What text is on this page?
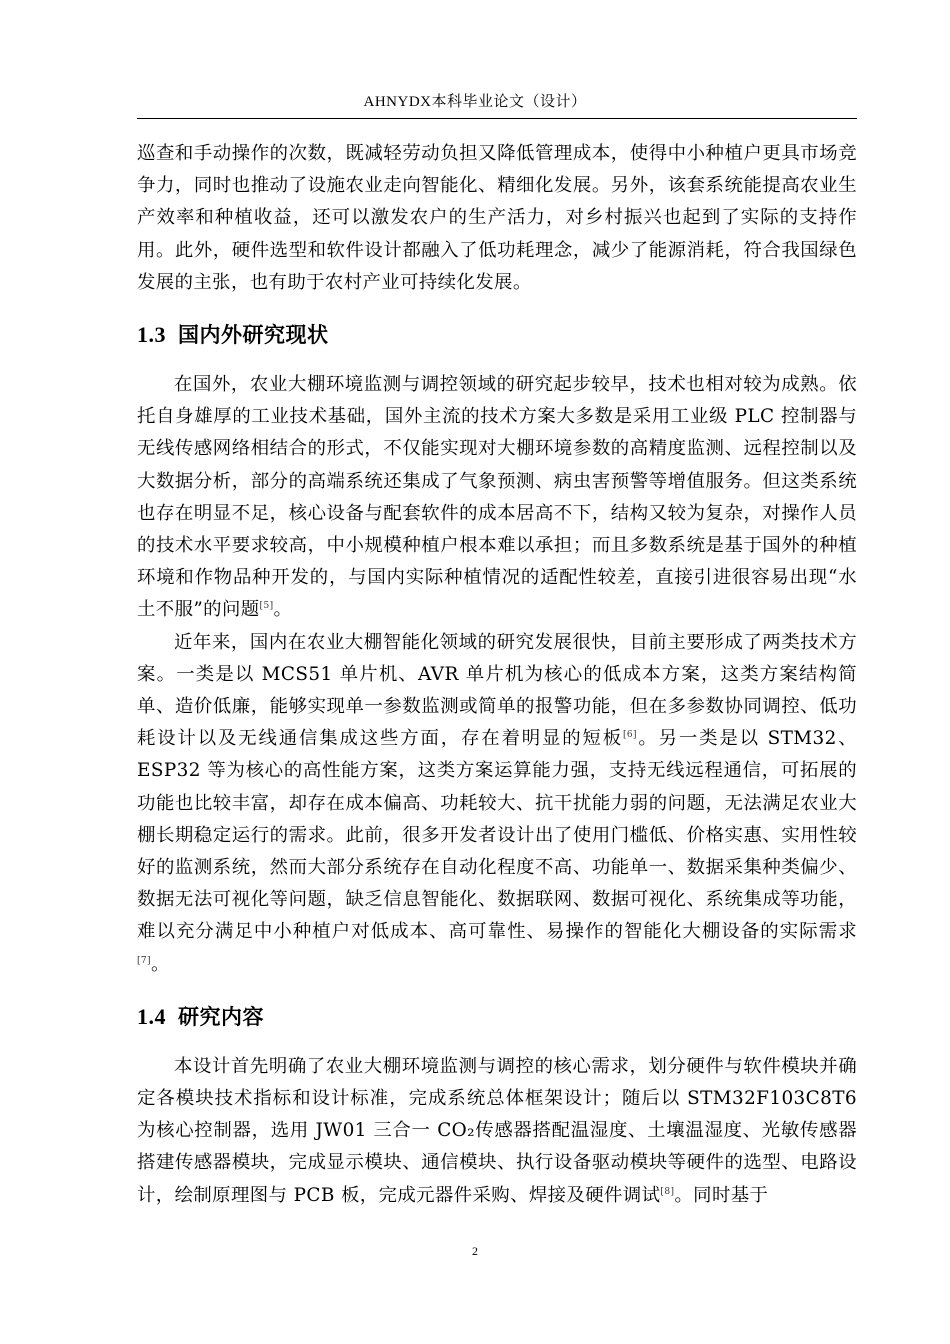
AHNYDX本科毕业论文（设计）

巡查和手动操作的次数，既减轻劳动负担又降低管理成本，使得中小种植户更具市场竞争力，同时也推动了设施农业走向智能化、精细化发展。另外，该套系统能提高农业生产效率和种植收益，还可以激发农户的生产活力，对乡村振兴也起到了实际的支持作用。此外，硬件选型和软件设计都融入了低功耗理念，减少了能源消耗，符合我国绿色发展的主张，也有助于农村产业可持续化发展。

1.3 国内外研究现状

在国外，农业大棚环境监测与调控领域的研究起步较早，技术也相对较为成熟。依托自身雄厚的工业技术基础，国外主流的技术方案大多数是采用工业级 PLC 控制器与无线传感网络相结合的形式，不仅能实现对大棚环境参数的高精度监测、远程控制以及大数据分析，部分的高端系统还集成了气象预测、病虫害预警等增值服务。但这类系统也存在明显不足，核心设备与配套软件的成本居高不下，结构又较为复杂，对操作人员的技术水平要求较高，中小规模种植户根本难以承担；而且多数系统是基于国外的种植环境和作物品种开发的，与国内实际种植情况的适配性较差，直接引进很容易出现“水土不服”的问题[5]。

近年来，国内在农业大棚智能化领域的研究发展很快，目前主要形成了两类技术方案。一类是以 MCS51 单片机、AVR 单片机为核心的低成本方案，这类方案结构简单、造价低廉，能够实现单一参数监测或简单的报警功能，但在多参数协同调控、低功耗设计以及无线通信集成这些方面，存在着明显的短板[6]。另一类是以 STM32、ESP32 等为核心的高性能方案，这类方案运算能力强，支持无线远程通信，可拓展的功能也比较丰富，却存在成本偏高、功耗较大、抗干扰能力弱的问题，无法满足农业大棚长期稳定运行的需求。此前，很多开发者设计出了使用门槛低、价格实惠、实用性较好的监测系统，然而大部分系统存在自动化程度不高、功能单一、数据采集种类偏少、数据无法可视化等问题，缺乏信息智能化、数据联网、数据可视化、系统集成等功能，难以充分满足中小种植户对低成本、高可靠性、易操作的智能化大棚设备的实际需求[7]。

1.4 研究内容

本设计首先明确了农业大棚环境监测与调控的核心需求，划分硬件与软件模块并确定各模块技术指标和设计标准，完成系统总体框架设计；随后以 STM32F103C8T6 为核心控制器，选用 JW01 三合一 CO₂传感器搭配温湿度、土壤温湿度、光敏传感器搭建传感器模块，完成显示模块、通信模块、执行设备驱动模块等硬件的选型、电路设计，绘制原理图与 PCB 板，完成元器件采购、焊接及硬件调试[8]。同时基于

2
